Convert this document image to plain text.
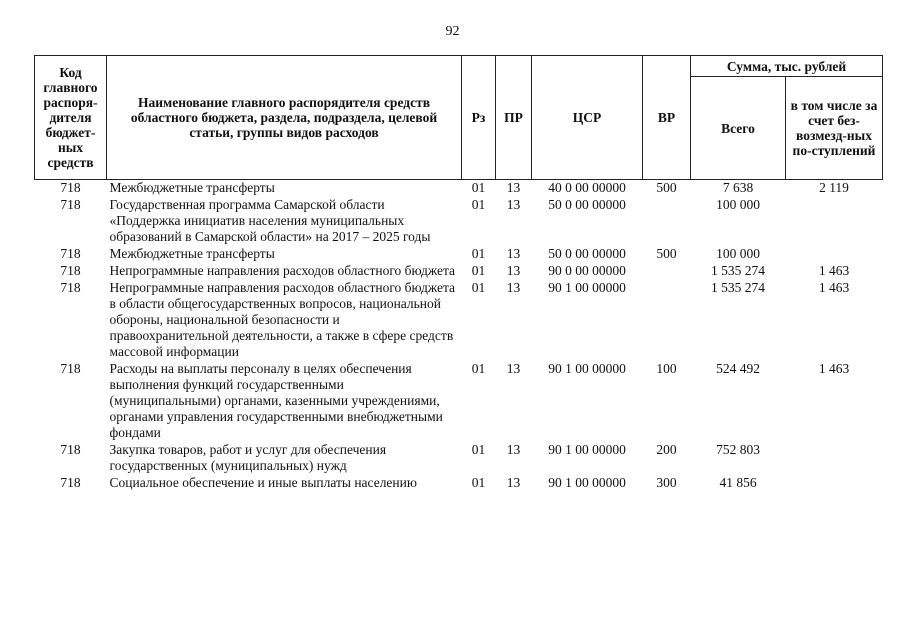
92
Код главного распоря-дителя бюджет-ных средств	Наименование главного распорядителя средств областного бюджета, раздела, подраздела, целевой статьи, группы видов расходов	Рз	ПР	ЦСР	ВР	Сумма, тыс. рублей	
						Всего	в том числе за счет без-возмезд-ных по-ступлений
718	Межбюджетные трансферты	01	13	40 0 00 00000	500	7 638	2 119
718	Государственная программа Самарской области «Поддержка инициатив населения муниципальных образований в Самарской области» на 2017 – 2025 годы	01	13	50 0 00 00000		100 000	
718	Межбюджетные трансферты	01	13	50 0 00 00000	500	100 000	
718	Непрограммные направления расходов областного бюджета	01	13	90 0 00 00000		1 535 274	1 463
718	Непрограммные направления расходов областного бюджета в области общегосударственных вопросов, национальной обороны, национальной безопасности и правоохранительной деятельности, а также в сфере средств массовой информации	01	13	90 1 00 00000		1 535 274	1 463
718	Расходы на выплаты персоналу в целях обеспечения выполнения функций государственными (муниципальными) органами, казенными учреждениями, органами управления государственными внебюджетными фондами	01	13	90 1 00 00000	100	524 492	1 463
718	Закупка товаров, работ и услуг для обеспечения государственных (муниципальных) нужд	01	13	90 1 00 00000	200	752 803	
718	Социальное обеспечение и иные выплаты населению	01	13	90 1 00 00000	300	41 856	
